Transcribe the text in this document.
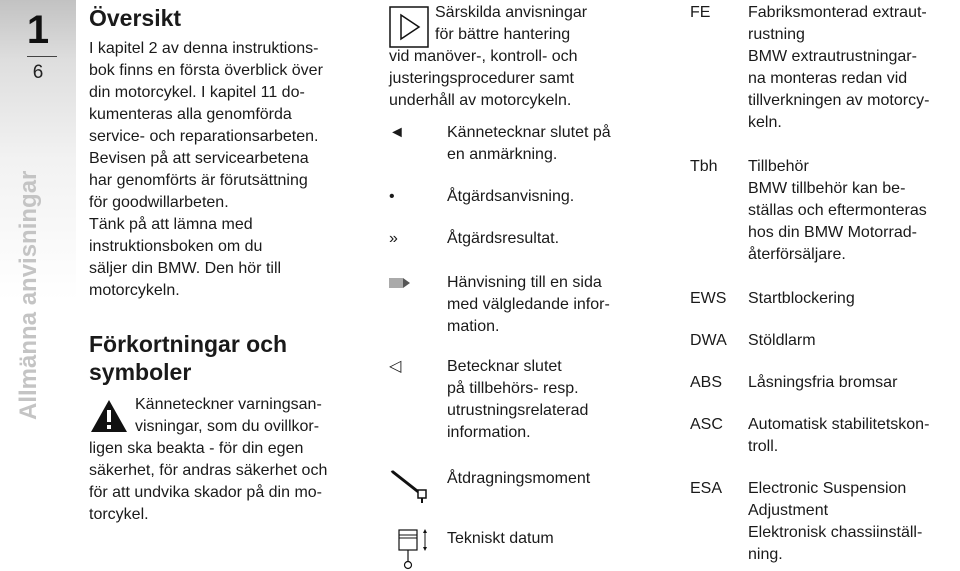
1
6
Allmänna anvisningar
Översikt

I kapitel 2 av denna instruktions-
bok finns en första överblick över
din motorcykel. I kapitel 11 do-
kumenteras alla genomförda
service- och reparationsarbeten.
Bevisen på att servicearbetena
har genomförts är förutsättning
för goodwillarbeten.
Tänk på att lämna med
instruktionsboken om du
säljer din BMW. Den hör till
motorcykeln.

Förkortningar och
symboler

Känneteckner varningsan-
visningar, som du ovillkor-
ligen ska beakta - för din egen
säkerhet, för andras säkerhet och
för att undvika skador på din mo-
torcykel.

Särskilda anvisningar
för bättre hantering
vid manöver-, kontroll- och
justeringsprocedurer samt
underhåll av motorcykeln.

◄	Kännetecknar slutet på
en anmärkning.

•	Åtgärdsanvisning.

»	Åtgärdsresultat.

Hänvisning till en sida
med välgledande infor-
mation.

◁	Betecknar slutet
på tillbehörs- resp.
utrustningsrelaterad
information.

Åtdragningsmoment

Tekniskt datum

FE	Fabriksmonterad extraut-
rustning
BMW extrautrustningar-
na monteras redan vid
tillverkningen av motorcy-
keln.

Tbh	Tillbehör
BMW tillbehör kan be-
ställas och eftermonteras
hos din BMW Motorrad-
återförsäljare.

EWS	Startblockering

DWA	Stöldlarm

ABS	Låsningsfria bromsar

ASC	Automatisk stabilitetskon-
troll.

ESA	Electronic Suspension
Adjustment
Elektronisk chassiinställ-
ning.
